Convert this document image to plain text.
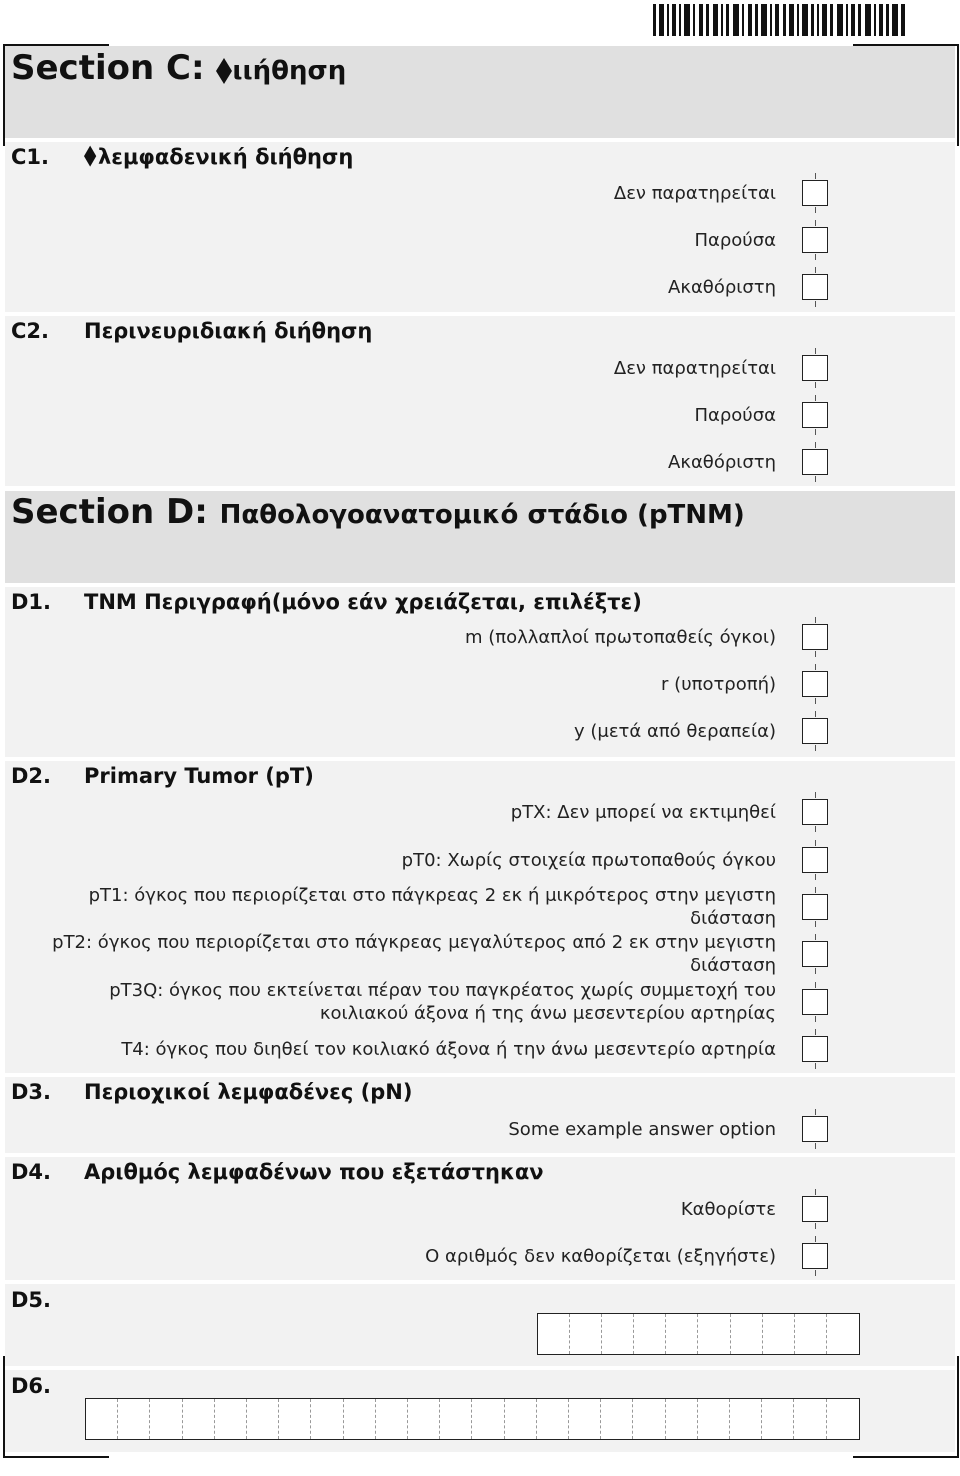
Section C: ιιήθηση
C1.	λεμφαδενική διήθηση
Δεν παρατηρείται
Παρούσα
Ακαθόριστη
C2. Περινευριδιακή διήθηση
Δεν παρατηρείται
Παρούσα
Ακαθόριστη
Section D: Παθολογοανατομικό στάδιο (pTNM)
D1. TNM Περιγραφή(μόνο εάν χρειάζεται, επιλέξτε)
m (πολλαπλοί πρωτοπαθείς όγκοι)
r (υποτροπή)
y (μετά από θεραπεία)
D2. Primary Tumor (pT)
pTX: Δεν μπορεί να εκτιμηθεί
pT0: Χωρίς στοιχεία πρωτοπαθούς όγκου
pT1: όγκος που περιορίζεται στο πάγκρεας 2 εκ ή μικρότερος στην μεγιστη διάσταση
pT2: όγκος που περιορίζεται στο πάγκρεας μεγαλύτερος από 2 εκ στην μεγιστη διάσταση
pT3Q: όγκος που εκτείνεται πέραν του παγκρέατος χωρίς συμμετοχή του κοιλιακού άξονα ή της άνω μεσεντερίου αρτηρίας
T4: όγκος που διηθεί τον κοιλιακό άξονα ή την άνω μεσεντερίο αρτηρία
D3. Περιοχικοί λεμφαδένες (pN)
Some example answer option
D4. Αριθμός λεμφαδένων που εξετάστηκαν
Καθορίστε
Ο αριθμός δεν καθορίζεται (εξηγήστε)
D5.
D6.
